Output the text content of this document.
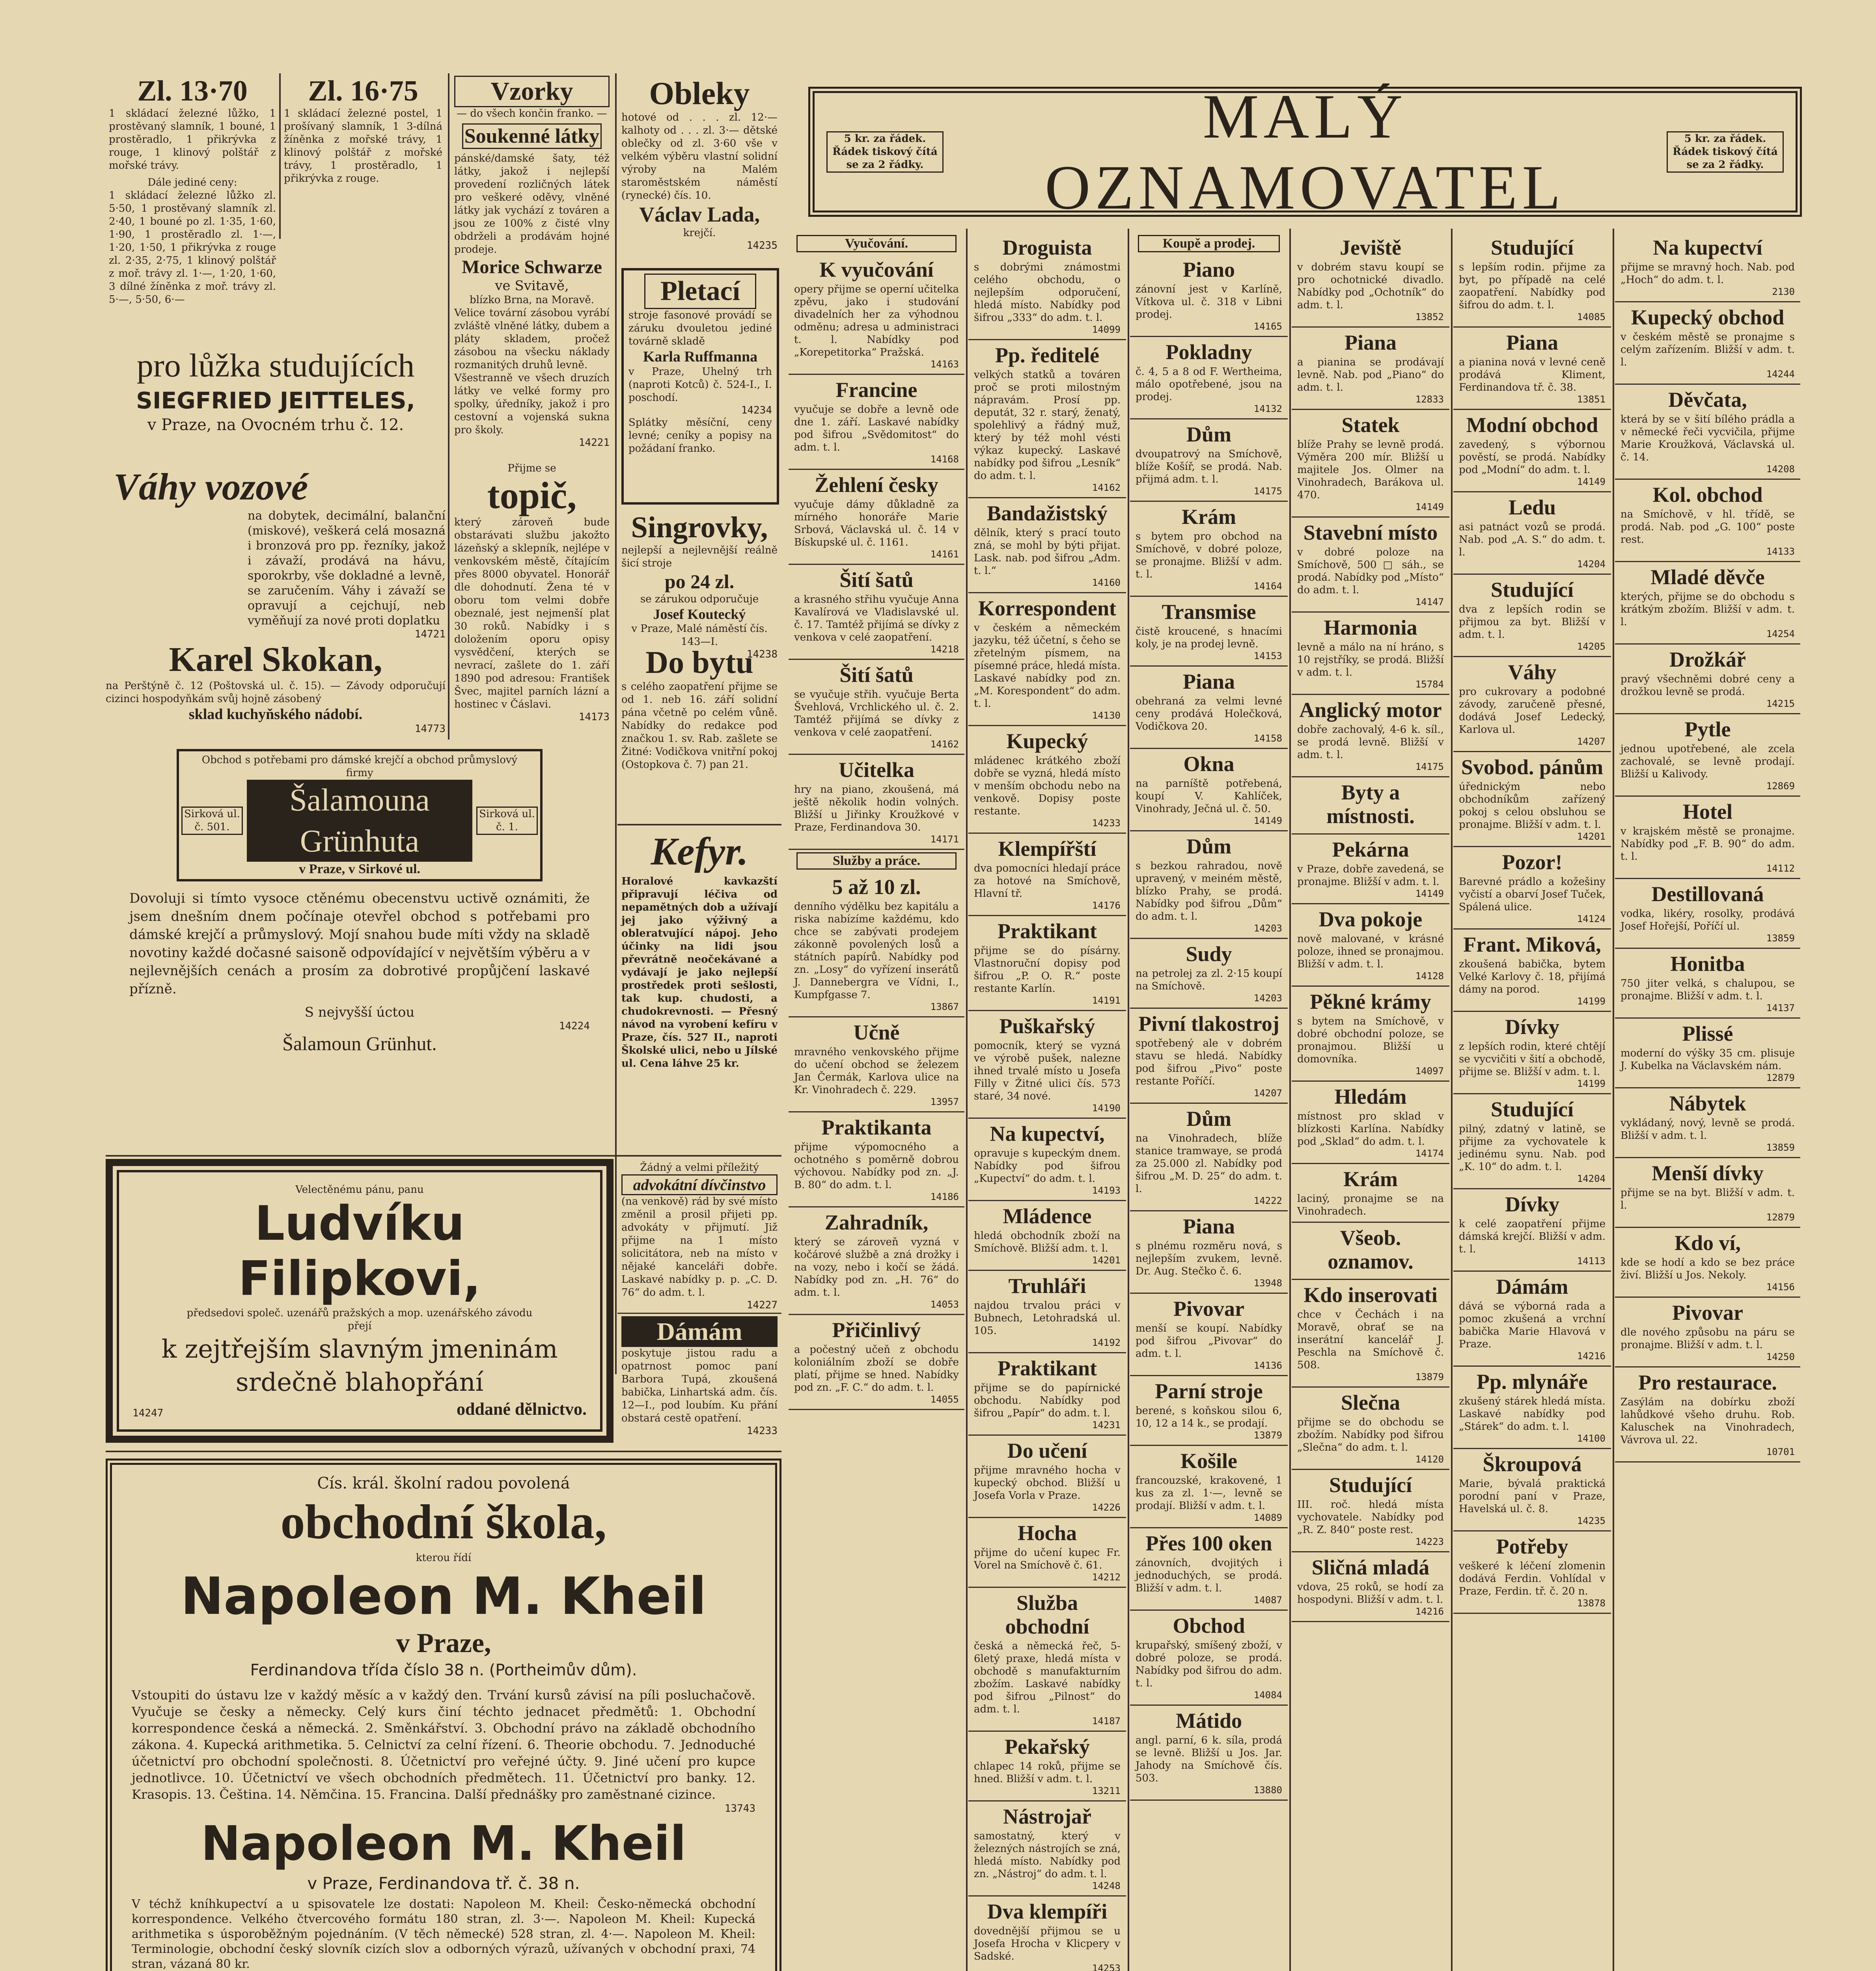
Zl. 13·70

1 skládací železné lůžko, 1 prostěvaný slamník, 1 bouné, 1 prostěradlo, 1 přikrývka z rouge, 1 klinový polštář z mořské trávy.

Dále jediné ceny:

1 skládací železné lůžko zl. 5·50, 1 prostěvaný slamník zl. 2·40, 1 bouné po zl. 1·35, 1·60, 1·90, 1 prostěradlo zl. 1·—, 1·20, 1·50, 1 přikrývka z rouge zl. 2·35, 2·75, 1 klinový polštář z moř. trávy zl. 1·—, 1·20, 1·60, 3 dílné žíněnka z moř. trávy zl. 5·—, 5·50, 6·—

Zl. 16·75

1 skládací železné postel, 1 prošívaný slamník, 1 3-dílná žíněnka z mořské trávy, 1 klinový polštář z mořské trávy, 1 prostěradlo, 1 přikrývka z rouge.

pro lůžka studujících
SIEGFRIED JEITTELES,
v Praze, na Ovocném trhu č. 12.
Váhy vozové

na dobytek, decimální, balanční (miskové), veškerá celá mosazná i bronzová pro pp. řezníky, jakož i závaží, prodává na hávu, sporokrby, vše dokladné a levně, se zaručením. Váhy i závaží se opravují a cejchují, neb vyměňují za nové proti doplatku

14721
Karel Skokan,

na Perštýně č. 12 (Poštovská ul. č. 15). — Závody odporučují cizinci hospodyňkám svůj hojně zásobený

sklad kuchyňského nádobí.
14773
Vzorky
— do všech končin franko. —
Soukenné látky

pánské/damské šaty, též látky, jakož i nejlepší provedení rozličných látek pro veškeré oděvy, vlněné látky jak vychází z továren a jsou ze 100% z čisté vlny obdrželi a prodávám hojné prodeje.

Morice Schwarze
ve Svitavě,
blízko Brna, na Moravě.

Velice tovární zásobou vyrábí zvláště vlněné látky, dubem a pláty skladem, pročež zásobou na všecku náklady rozmanitých druhů levně.

Všestranně ve všech druzích látky ve velké formy pro spolky, úředníky, jakož i pro cestovní a vojenská sukna pro školy.

14221
Obleky

hotové od . . . zl. 12·— kalhoty od . . . zl. 3·— dětské oblečky od zl. 3·60 vše v velkém výběru vlastní solidní výroby na Malém staroměstském náměstí (rynecké) čís. 10.

Václav Lada,
krejčí.
14235
Pletací

stroje fasonové provádí se záruku dvouletou jediné továrně skladě

Karla Ruffmanna

v Praze, Uhelný trh (naproti Kotců) č. 524-I., I. poschodí.

14234

Splátky měsíční, ceny levné; ceníky a popisy na požádaní franko.

Přijme se
topič,

který zároveň bude obstarávati službu jakožto lázeňský a sklepník, nejlépe v venkovském městě, čítajícím přes 8000 obyvatel. Honorář dle dohodnutí. Žena té v oboru tom velmi dobře obeznalé, jest nejmenší plat 30 roků. Nabídky i s doložením oporu opisy vysvědčení, kterých se nevrací, zašlete do 1. září 1890 pod adresou: František Švec, majitel parních lázní a hostinec v Čáslavi.

14173
Singrovky,

nejlepší a nejlevnější reálně šicí stroje

po 24 zl.

se zárukou odporučuje

Josef Koutecký

v Praze, Malé náměstí čís. 143—I.

14238
Do bytu

s celého zaopatření přijme se od 1. neb 16. září solidní pána včetně po celém vůně. Nabídky do redakce pod značkou 1. sv. Rab. zašlete se Žitné: Vodičkova vnitřní pokoj (Ostopkova č. 7) pan 21.

Obchod s potřebami pro dámské krejčí a obchod průmyslový
firmy
Sirková ul. č. 501.
Šalamouna Grünhuta
Sirková ul. č. 1.
v Praze, v Sirkové ul.

Dovoluji si tímto vysoce ctěnému obecenstvu uctivě oznámiti, že jsem dnešním dnem počínaje otevřel obchod s potřebami pro dámské krejčí a průmyslový. Mojí snahou bude míti vždy na skladě novotiny každé dočasné saisoně odpovídající v největším výběru a v nejlevnějších cenách a prosím za dobrotivé propůjčení laskavé přízně.

S nejvyšší úctou
14224
Šalamoun Grünhut.
Kefyr.

Horalové kavkazští připravují léčiva od nepamětných dob a užívají jej jako výživný a obleratvující nápoj. Jeho účinky na lidi jsou převrátně neočekávané a vydávají je jako nejlepší prostředek proti sešlosti, tak kup. chudosti, a chudokrevnosti. — Přesný návod na vyrobení kefíru v Praze, čís. 527 II., naproti Školské ulici, nebo u Jílské ul. Cena láhve 25 kr.

Velectěnému pánu, panu
Ludvíku Filipkovi,
předsedovi společ. uzenářů pražských a mop. uzenářského závodu
přejí
k zejtřejším slavným jmeninám
srdečně blahopřání
14247	oddané dělnictvo.
Žádný a velmi příležitý
advokátní dívčinstvo

(na venkově) rád by své místo změnil a prosil přijeti pp. advokáty v přijmutí. Již přijme na 1 místo solicitátora, neb na místo v nějaké kanceláři dobře. Laskavé nabídky p. p. „C. D. 76“ do adm. t. l.

14227
Dámám

poskytuje jistou radu a opatrnost pomoc paní Barbora Tupá, zkoušená babička, Linhartská adm. čís. 12—I., pod loubím. Ku přání obstará cestě opatření.

14233
Cís. král. školní radou povolená
obchodní škola,
kterou řídí
Napoleon M. Kheil
v Praze,
Ferdinandova třída číslo 38 n. (Portheimův dům).

Vstoupiti do ústavu lze v každý měsíc a v každý den. Trvání kursů závisí na píli posluchačově. Vyučuje se česky a německy. Celý kurs činí téchto jednacet předmětů: 1. Obchodní korrespondence česká a německá. 2. Směnkářství. 3. Obchodní právo na základě obchodního zákona. 4. Kupecká arithmetika. 5. Celnictví za celní řízení. 6. Theorie obchodu. 7. Jednoduché účetnictví pro obchodní společnosti. 8. Účetnictví pro veřejné účty. 9. Jiné učení pro kupce jednotlivce. 10. Účetnictví ve všech obchodních předmětech. 11. Účetnictví pro banky. 12. Krasopis. 13. Čeština. 14. Němčina. 15. Francina. Další přednášky pro zaměstnané cizince.

13743
Napoleon M. Kheil
v Praze, Ferdinandova tř. č. 38 n.

V téchž kníhkupectví a u spisovatele lze dostati: Napoleon M. Kheil: Česko-německá obchodní korrespondence. Velkého čtvercového formátu 180 stran, zl. 3·—. Napoleon M. Kheil: Kupecká arithmetika s úsporoběžným pojednáním. (V těch německé) 528 stran, zl. 4·—. Napoleon M. Kheil: Terminologie, obchodní český slovník cizích slov a odborných výrazů, užívaných v obchodní praxi, 74 stran, vázaná 80 kr.

5 kr. za řádek. Řádek tiskový čítá se za 2 řádky.
MALÝ OZNAMOVATEL
5 kr. za řádek. Řádek tiskový čítá se za 2 řádky.
Vyučování.
K vyučování
opery přijme se operní učitelka zpěvu, jako i studování divadelních her za výhodnou odměnu; adresa u administraci t. l. Nabídky pod „Korepetitorka“ Pražská.
14163
Francine
vyučuje se dobře a levně ode dne 1. září. Laskavé nabídky pod šifrou „Svědomitost“ do adm. t. l.
14168
Žehlení česky
vyučuje dámy důkladně za mírného honoráře Marie Srbová, Václavská ul. č. 14 v Bískupské ul. č. 1161.
14161
Šití šatů
a krasného střihu vyučuje Anna Kavalírová ve Vladislavské ul. č. 17. Tamtéž přijímá se dívky z venkova v celé zaopatření.
14218
Šití šatů
se vyučuje střih. vyučuje Berta Švehlová, Vrchlického ul. č. 2. Tamtéž přijímá se dívky z venkova v celé zaopatření.
14162
Učitelka
hry na piano, zkoušená, má ještě několik hodin volných. Bližší u Jiřinky Kroužkové v Praze, Ferdinandova 30.
14171
Služby a práce.
5 až 10 zl.
denního výdělku bez kapitálu a riska nabízíme každému, kdo chce se zabývati prodejem zákonně povolených losů a státních papírů. Nabídky pod zn. „Losy“ do vyřízení inserátů J. Dannebergra ve Vídni, I., Kumpfgasse 7.
13867
Učně
mravného venkovského přijme do učení obchod se železem Jan Čermák, Karlova ulice na Kr. Vinohradech č. 229.
13957
Praktikanta
přijme výpomocného a ochotného s poměrně dobrou výchovou. Nabídky pod zn. „J. B. 80“ do adm. t. l.
14186
Zahradník,
který se zároveň vyzná v kočárové službě a zná drožky i na vozy, nebo i kočí se žádá. Nabídky pod zn. „H. 76“ do adm. t. l.
14053
Přičinlivý
a počestný učeň z obchodu koloniálním zboží se dobře platí, přijme se hned. Nabídky pod zn. „F. C.“ do adm. t. l.
14055
Droguista
s dobrými známostmi celého obchodu, o nejlepším odporučení, hledá místo. Nabídky pod šifrou „333“ do adm. t. l.
14099
Pp. ředitelé
velkých statků a továren proč se proti milostným nápravám. Prosí pp. deputát, 32 r. starý, ženatý, spolehlivý a řádný muž, který by též mohl vésti výkaz kupecký. Laskavé nabídky pod šifrou „Lesník“ do adm. t. l.
14162
Bandažistský
dělník, který s prací touto zná, se mohl by býti přijat. Lask. nab. pod šifrou „Adm. t. l.“
14160
Korrespondent
v českém a německém jazyku, též účetní, s čeho se zřetelným písmem, na písemné práce, hledá místa. Laskavé nabídky pod zn. „M. Korespondent“ do adm. t. l.
14130
Kupecký
mládenec krátkého zboží dobře se vyzná, hledá místo v menším obchodu nebo na venkově. Dopisy poste restante.
14233
Klempířští
dva pomocníci hledají práce za hotové na Smíchově, Hlavní tř.
14176
Praktikant
přijme se do písárny. Vlastnoruční dopisy pod šifrou „P. O. R.“ poste restante Karlín.
14191
Puškařský
pomocník, který se vyzná ve výrobě pušek, nalezne ihned trvalé místo u Josefa Filly v Žitné ulici čís. 573 staré, 34 nové.
14190
Na kupectví,
opravuje s kupeckým dnem. Nabídky pod šifrou „Kupectví“ do adm. t. l.
14193
Mládence
hledá obchodník zboží na Smíchově. Bližší adm. t. l.
14201
Truhláři
najdou trvalou práci v Bubnech, Letohradská ul. 105.
14192
Praktikant
přijme se do papírnické obchodu. Nabídky pod šifrou „Papír“ do adm. t. l.
14231
Do učení
přijme mravného hocha v kupecký obchod. Bližší u Josefa Vorla v Praze.
14226
Hocha
přijme do učení kupec Fr. Vorel na Smíchově č. 61.
14212
Služba obchodní
česká a německá řeč, 5-6letý praxe, hledá místa v obchodě s manufakturním zbožím. Laskavé nabídky pod šifrou „Pilnost“ do adm. t. l.
14187
Pekařský
chlapec 14 roků, přijme se hned. Bližší v adm. t. l.
13211
Nástrojař
samostatný, který v železných nástrojích se zná, hledá místo. Nabídky pod zn. „Nástroj“ do adm. t. l.
14248
Dva klempíři
dovednější přijmou se u Josefa Hrocha v Klicpery v Sadské.
14253
Koupě a prodej.
Piano
zánovní jest v Karlíně, Vítkova ul. č. 318 v Libni prodej.
14165
Pokladny
č. 4, 5 a 8 od F. Wertheima, málo opotřebené, jsou na prodej.
14132
Dům
dvoupatrový na Smíchově, blíže Košíř, se prodá. Nab. přijmá adm. t. l.
14175
Krám
s bytem pro obchod na Smíchově, v dobré poloze, se pronajme. Bližší v adm. t. l.
14164
Transmise
čistě kroucené, s hnacími koly, je na prodej levně.
14153
Piana
obehraná za velmi levné ceny prodává Holečková, Vodičkova 20.
14158
Okna
na parníště potřebená, koupí V. Kahlíček, Vinohrady, Ječná ul. č. 50.
14149
Dům
s bezkou rahradou, nově upravený, v meiném městě, blízko Prahy, se prodá. Nabídky pod šifrou „Dům“ do adm. t. l.
14203
Sudy
na petrolej za zl. 2·15 koupí na Smíchově.
14203
Pivní tlakostroj
spotřebený ale v dobrém stavu se hledá. Nabídky pod šifrou „Pivo“ poste restante Poříčí.
14207
Dům
na Vinohradech, blíže stanice tramwaye, se prodá za 25.000 zl. Nabídky pod šifrou „M. D. 25“ do adm. t. l.
14222
Piana
s plnému rozměru nová, s nejlepším zvukem, levně. Dr. Aug. Stečko č. 6.
13948
Pivovar
menší se koupí. Nabídky pod šifrou „Pivovar“ do adm. t. l.
14136
Parní stroje
berené, s koňskou silou 6, 10, 12 a 14 k., se prodají.
13879
Košile
francouzské, krakovené, 1 kus za zl. 1·—, levně se prodají. Bližší v adm. t. l.
14089
Přes 100 oken
zánovních, dvojitých i jednoduchých, se prodá. Bližší v adm. t. l.
14087
Obchod
krupařský, smíšený zboží, v dobré poloze, se prodá. Nabídky pod šifrou do adm. t. l.
14084
Mátido
angl. parní, 6 k. síla, prodá se levně. Bližší u Jos. Jar. Jahody na Smíchově čís. 503.
13880
Jeviště
v dobrém stavu koupí se pro ochotnické divadlo. Nabídky pod „Ochotník“ do adm. t. l.
13852
Piana
a pianina se prodávají levně. Nab. pod „Piano“ do adm. t. l.
12833
Statek
blíže Prahy se levně prodá. Výměra 200 mír. Bližší u majitele Jos. Olmer na Vinohradech, Barákova ul. 470.
14149
Stavební místo
v dobré poloze na Smíchově, 500 □ sáh., se prodá. Nabídky pod „Místo“ do adm. t. l.
14147
Harmonia
levně a málo na ní hráno, s 10 rejstříky, se prodá. Bližší v adm. t. l.
15784
Anglický motor
dobře zachovalý, 4-6 k. síl., se prodá levně. Bližší v adm. t. l.
14175
Byty a místnosti.
Pekárna
v Praze, dobře zavedená, se pronajme. Bližší v adm. t. l.
14149
Dva pokoje
nově malované, v krásné poloze, ihned se pronajmou. Bližší v adm. t. l.
14128
Pěkné krámy
s bytem na Smíchově, v dobré obchodní poloze, se pronajmou. Bližší u domovníka.
14097
Hledám
místnost pro sklad v blízkosti Karlína. Nabídky pod „Sklad“ do adm. t. l.
14174
Krám
laciný, pronajme se na Vinohradech.
Všeob. oznamov.
Kdo inserovati
chce v Čechách i na Moravě, obrať se na inserátní kancelář J. Peschla na Smíchově č. 508.
13879
Slečna
přijme se do obchodu se zbožím. Nabídky pod šifrou „Slečna“ do adm. t. l.
14120
Studující
III. roč. hledá místa vychovatele. Nabídky pod „R. Z. 840“ poste rest.
14223
Sličná mladá
vdova, 25 roků, se hodí za hospodyni. Bližší v adm. t. l.
14216
Studující
s lepším rodin. přijme za byt, po případě na celé zaopatření. Nabídky pod šifrou do adm. t. l.
14085
Piana
a pianina nová v levné ceně prodává Kliment, Ferdinandova tř. č. 38.
13851
Modní obchod
zavedený, s výbornou pověstí, se prodá. Nabídky pod „Modní“ do adm. t. l.
14149
Ledu
asi patnáct vozů se prodá. Nab. pod „A. S.“ do adm. t. l.
14204
Studující
dva z lepších rodin se přijmou za byt. Bližší v adm. t. l.
14205
Váhy
pro cukrovary a podobné závody, zaručeně přesné, dodává Josef Ledecký, Karlova ul.
14207
Svobod. pánům
úřednickým nebo obchodníkům zařízený pokoj s celou obsluhou se pronajme. Bližší v adm. t. l.
14201
Pozor!
Barevné prádlo a kožešiny vyčistí a obarví Josef Tuček, Spálená ulice.
14124
Frant. Miková,
zkoušená babička, bytem Velké Karlovy č. 18, přijímá dámy na porod.
14199
Dívky
z lepších rodin, které chtějí se vycvičiti v šití a obchodě, přijme se. Bližší v adm. t. l.
14199
Studující
pilný, zdatný v latině, se přijme za vychovatele k jedinému synu. Nab. pod „K. 10“ do adm. t. l.
14204
Dívky
k celé zaopatření přijme dámská krejčí. Bližší v adm. t. l.
14113
Dámám
dává se výborná rada a pomoc zkušená a vrchní babička Marie Hlavová v Praze.
14216
Pp. mlynáře
zkušený stárek hledá místa. Laskavé nabídky pod „Stárek“ do adm. t. l.
14100
Škroupová
Marie, bývalá praktická porodní paní v Praze, Havelská ul. č. 8.
14235
Potřeby
veškeré k léčení zlomenin dodává Ferdin. Vohlídal v Praze, Ferdin. tř. č. 20 n.
13878
Na kupectví
přijme se mravný hoch. Nab. pod „Hoch“ do adm. t. l.
2130
Kupecký obchod
v českém městě se pronajme s celým zařízením. Bližší v adm. t. l.
14244
Děvčata,
která by se v šití bílého prádla a v německé řeči vycvičila, přijme Marie Kroužková, Václavská ul. č. 14.
14208
Kol. obchod
na Smíchově, v hl. třídě, se prodá. Nab. pod „G. 100“ poste rest.
14133
Mladé děvče
kterých, přijme se do obchodu s krátkým zbožím. Bližší v adm. t. l.
14254
Drožkář
pravý všechněmi dobré ceny a drožkou levně se prodá.
14215
Pytle
jednou upotřebené, ale zcela zachovalé, se levně prodají. Bližší u Kalivody.
12869
Hotel
v krajském městě se pronajme. Nabídky pod „F. B. 90“ do adm. t. l.
14112
Destillovaná
vodka, likéry, rosolky, prodává Josef Hořejší, Poříčí ul.
13859
Honitba
750 jiter velká, s chalupou, se pronajme. Bližší v adm. t. l.
14137
Plissé
moderní do výšky 35 cm. plisuje J. Kubelka na Václavském nám.
12879
Nábytek
vykládaný, nový, levně se prodá. Bližší v adm. t. l.
13859
Menší dívky
přijme se na byt. Bližší v adm. t. l.
12879
Kdo ví,
kde se hodí a kdo se bez práce živí. Bližší u Jos. Nekoly.
14156
Pivovar
dle nového způsobu na páru se pronajme. Bližší v adm. t. l.
14250
Pro restaurace.
Zasýlám na dobírku zboží lahůdkové všeho druhu. Rob. Kaluschek na Vinohradech, Vávrova ul. 22.
10701
